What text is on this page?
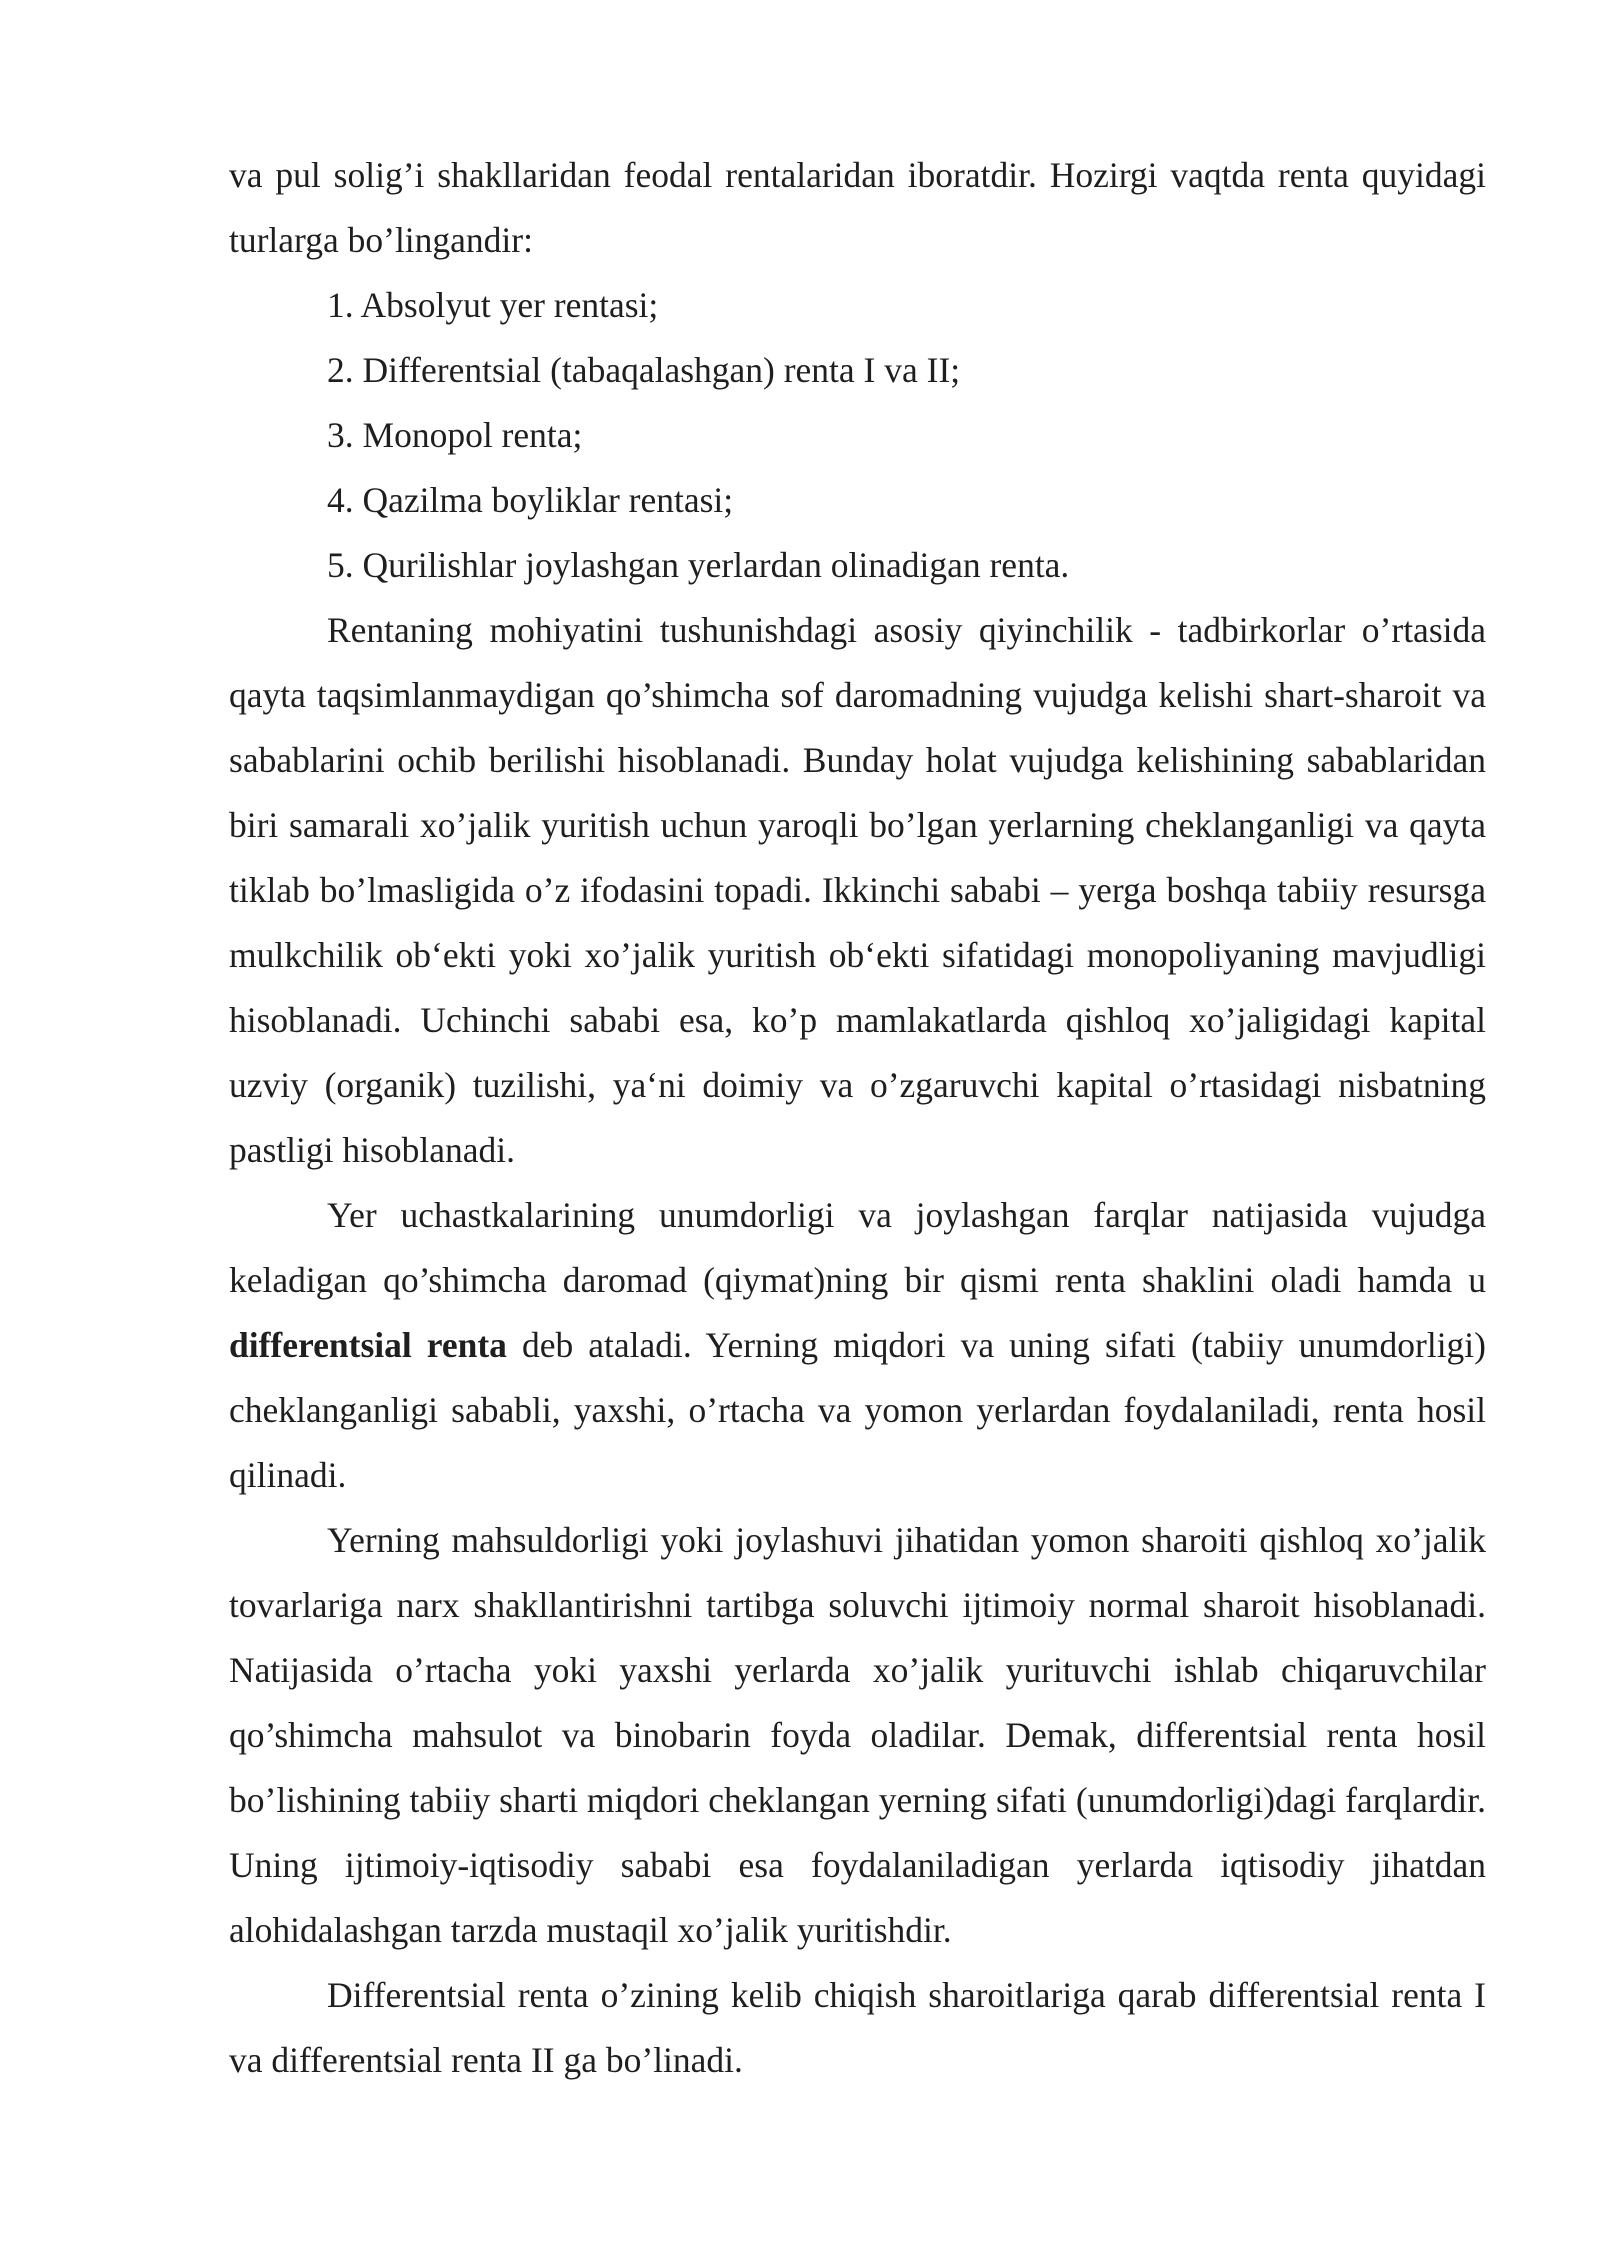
va pul solig’i shakllaridan feodal rentalaridan iboratdir. Hozirgi vaqtda renta quyidagi turlarga bo’lingandir:

1. Absolyut yer rentasi;
2. Differentsial (tabaqalashgan) renta I va II;
3. Monopol renta;
4. Qazilma boyliklar rentasi;
5. Qurilishlar joylashgan yerlardan olinadigan renta.

Rentaning mohiyatini tushunishdagi asosiy qiyinchilik - tadbirkorlar o’rtasida qayta taqsimlanmaydigan qo’shimcha sof daromadning vujudga kelishi shart-sharoit va sabablarini ochib berilishi hisoblanadi. Bunday holat vujudga kelishining sabablaridan biri samarali xo’jalik yuritish uchun yaroqli bo’lgan yerlarning cheklanganligi va qayta tiklab bo’lmasligida o’z ifodasini topadi. Ikkinchi sababi – yerga boshqa tabiiy resursga mulkchilik ob‘ekti yoki xo’jalik yuritish ob‘ekti sifatidagi monopoliyaning mavjudligi hisoblanadi. Uchinchi sababi esa, ko’p mamlakatlarda qishloq xo’jaligidagi kapital uzviy (organik) tuzilishi, ya‘ni doimiy va o’zgaruvchi kapital o’rtasidagi nisbatning pastligi hisoblanadi.

Yer uchastkalarining unumdorligi va joylashgan farqlar natijasida vujudga keladigan qo’shimcha daromad (qiymat)ning bir qismi renta shaklini oladi hamda u differentsial renta deb ataladi. Yerning miqdori va uning sifati (tabiiy unumdorligi) cheklanganligi sababli, yaxshi, o’rtacha va yomon yerlardan foydalaniladi, renta hosil qilinadi.

Yerning mahsuldorligi yoki joylashuvi jihatidan yomon sharoiti qishloq xo’jalik tovarlariga narx shakllantirishni tartibga soluvchi ijtimoiy normal sharoit hisoblanadi. Natijasida o’rtacha yoki yaxshi yerlarda xo’jalik yurituvchi ishlab chiqaruvchilar qo’shimcha mahsulot va binobarin foyda oladilar. Demak, differentsial renta hosil bo’lishining tabiiy sharti miqdori cheklangan yerning sifati (unumdorligi)dagi farqlardir. Uning ijtimoiy-iqtisodiy sababi esa foydalaniladigan yerlarda iqtisodiy jihatdan alohidalashgan tarzda mustaqil xo’jalik yuritishdir.

Differentsial renta o’zining kelib chiqish sharoitlariga qarab differentsial renta I va differentsial renta II ga bo’linadi.
